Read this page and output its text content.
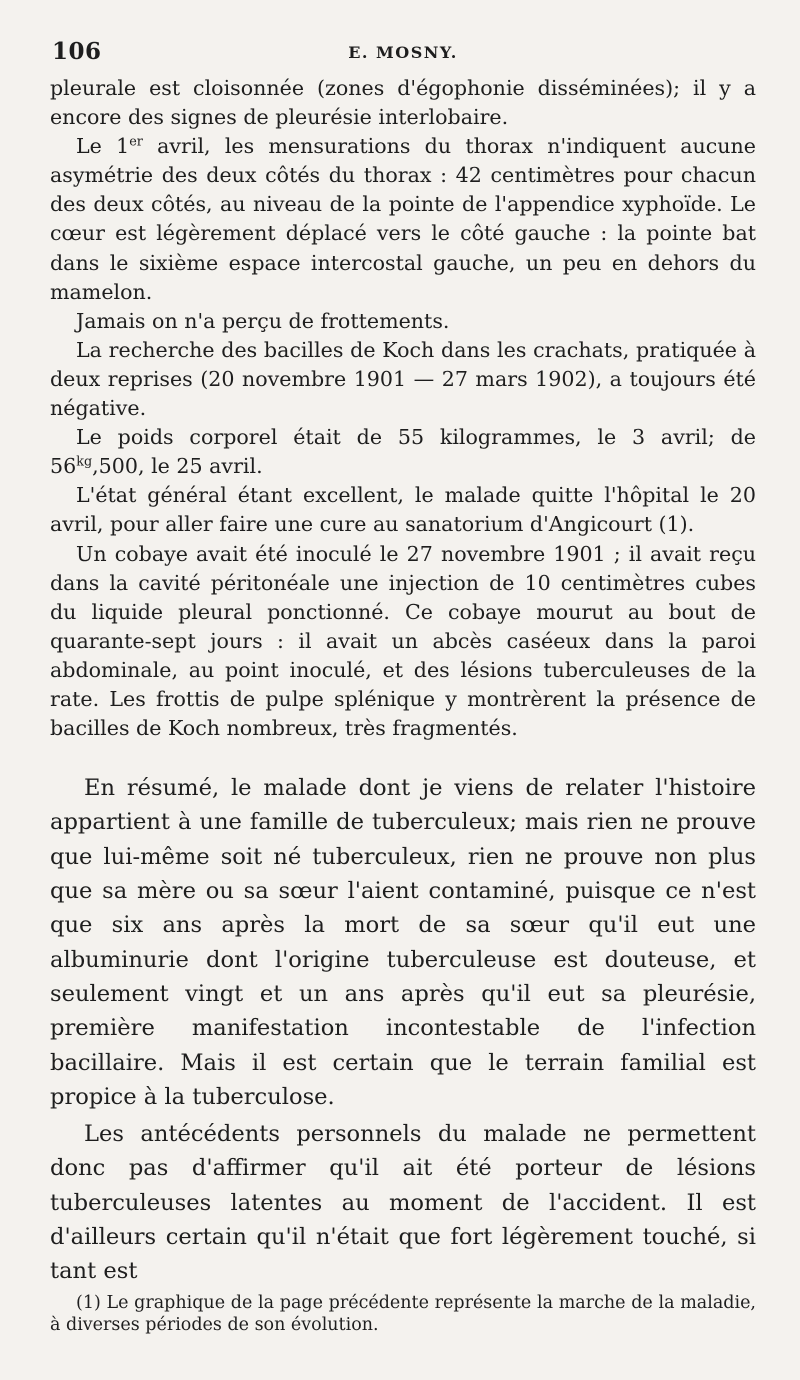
106	E. MOSNY.

pleurale est cloisonnée (zones d'égophonie disséminées); il y a encore des signes de pleurésie interlobaire.

Le 1er avril, les mensurations du thorax n'indiquent aucune asymétrie des deux côtés du thorax : 42 centimètres pour chacun des deux côtés, au niveau de la pointe de l'appendice xyphoïde. Le cœur est légèrement déplacé vers le côté gauche : la pointe bat dans le sixième espace intercostal gauche, un peu en dehors du mamelon.

Jamais on n'a perçu de frottements.

La recherche des bacilles de Koch dans les crachats, pratiquée à deux reprises (20 novembre 1901 — 27 mars 1902), a toujours été négative.

Le poids corporel était de 55 kilogrammes, le 3 avril; de $56^{kg},500$, le 25 avril.

L'état général étant excellent, le malade quitte l'hôpital le 20 avril, pour aller faire une cure au sanatorium d'Angicourt (1).

Un cobaye avait été inoculé le 27 novembre 1901 ; il avait reçu dans la cavité péritonéale une injection de 10 centimètres cubes du liquide pleural ponctionné. Ce cobaye mourut au bout de quarante-sept jours : il avait un abcès caséeux dans la paroi abdominale, au point inoculé, et des lésions tuberculeuses de la rate. Les frottis de pulpe splénique y montrèrent la présence de bacilles de Koch nombreux, très fragmentés.

En résumé, le malade dont je viens de relater l'histoire appartient à une famille de tuberculeux; mais rien ne prouve que lui-même soit né tuberculeux, rien ne prouve non plus que sa mère ou sa sœur l'aient contaminé, puisque ce n'est que six ans après la mort de sa sœur qu'il eut une albuminurie dont l'origine tuberculeuse est douteuse, et seulement vingt et un ans après qu'il eut sa pleurésie, première manifestation incontestable de l'infection bacillaire. Mais il est certain que le terrain familial est propice à la tuberculose.

Les antécédents personnels du malade ne permettent donc pas d'affirmer qu'il ait été porteur de lésions tuberculeuses latentes au moment de l'accident. Il est d'ailleurs certain qu'il n'était que fort légèrement touché, si tant est

(1) Le graphique de la page précédente représente la marche de la maladie, à diverses périodes de son évolution.
